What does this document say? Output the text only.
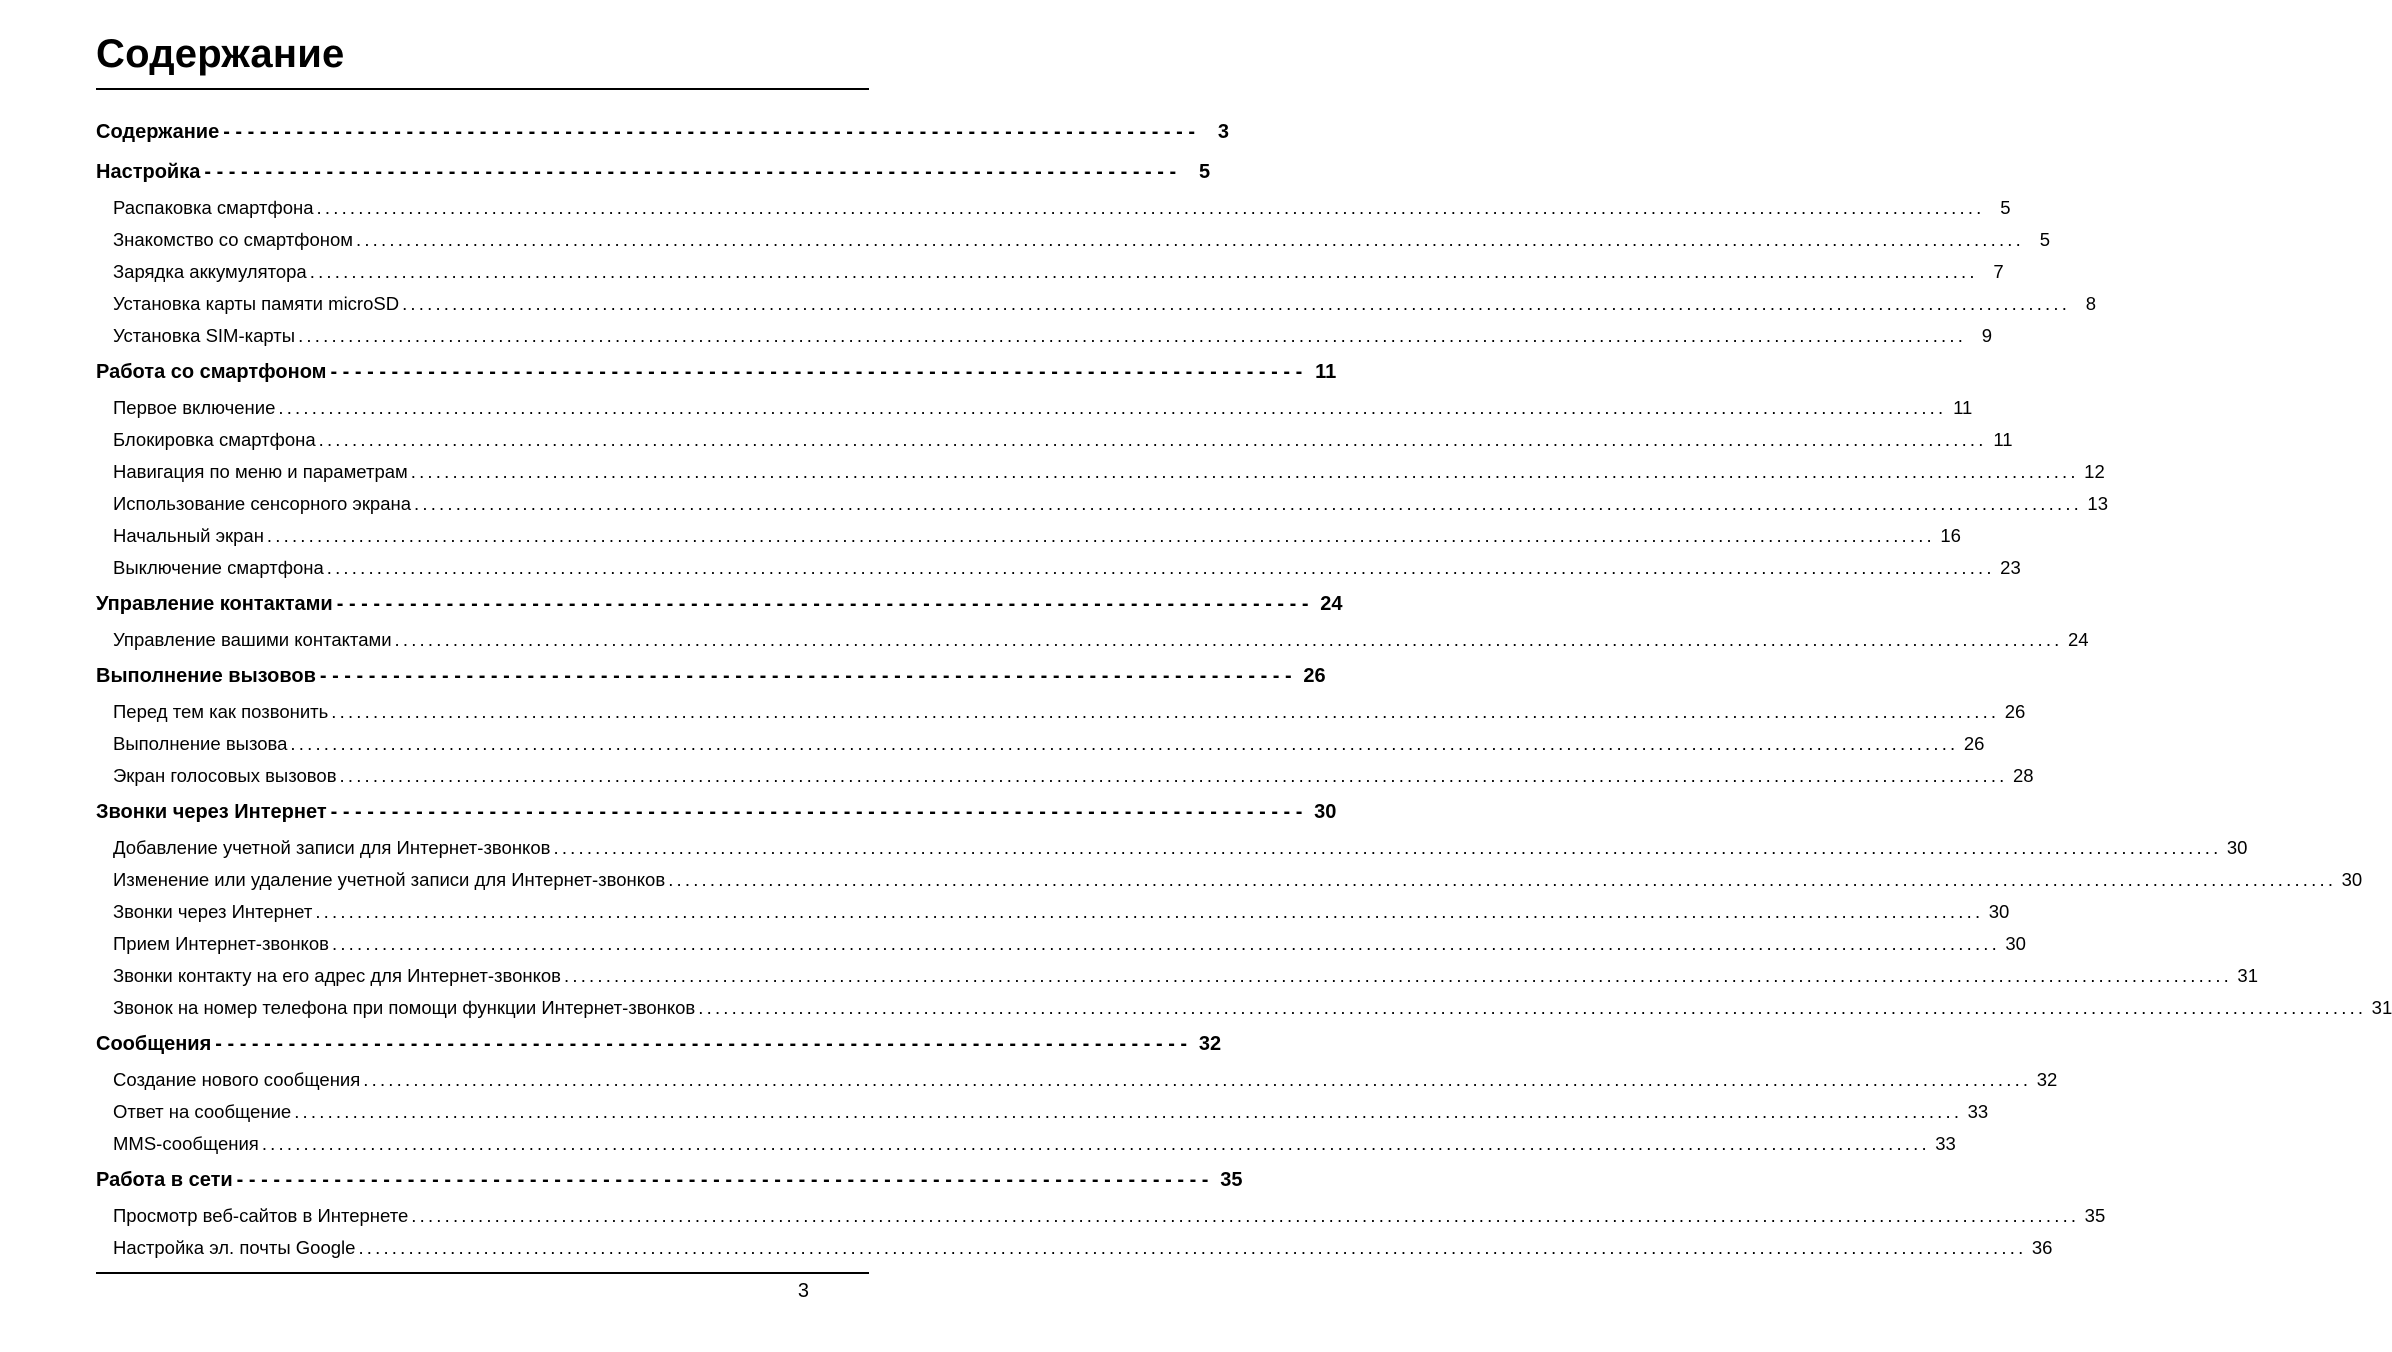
Содержание
Содержание - - - - - - - - - - - - - - - - - - - - - - - - - - - - - - - - - - - - - - - - - - - - - - - - - - - - - - - - - - - - - - - - - - - - - - - - - - - - - - - -	3
Настройка - - - - - - - - - - - - - - - - - - - - - - - - - - - - - - - - - - - - - - - - - - - - - - - - - - - - - - - - - - - - - - - - - - - - - - - - - - - - - - - -	5
Распаковка смартфона ........................................................................................................................................................................................................ 5
Знакомство со смартфоном ........................................................................................................................................................................................................ 5
Зарядка аккумулятора ........................................................................................................................................................................................................ 7
Установка карты памяти microSD ........................................................................................................................................................................................................ 8
Установка SIM-карты ........................................................................................................................................................................................................ 9
Работа со смартфоном - - - - - - - - - - - - - - - - - - - - - - - - - - - - - - - - - - - - - - - - - - - - - - - - - - - - - - - - - - - - - - - - - - - - - - - - - - - - - - - - 11
Первое включение ........................................................................................................................................................................................................ 11
Блокировка смартфона ........................................................................................................................................................................................................ 11
Навигация по меню и параметрам ........................................................................................................................................................................................................ 12
Использование сенсорного экрана ........................................................................................................................................................................................................ 13
Начальный экран ........................................................................................................................................................................................................ 16
Выключение смартфона ........................................................................................................................................................................................................ 23
Управление контактами - - - - - - - - - - - - - - - - - - - - - - - - - - - - - - - - - - - - - - - - - - - - - - - - - - - - - - - - - - - - - - - - - - - - - - - - - - - - - - - - 24
Управление вашими контактами ........................................................................................................................................................................................................ 24
Выполнение вызовов - - - - - - - - - - - - - - - - - - - - - - - - - - - - - - - - - - - - - - - - - - - - - - - - - - - - - - - - - - - - - - - - - - - - - - - - - - - - - - - - 26
Перед тем как позвонить ........................................................................................................................................................................................................ 26
Выполнение вызова ........................................................................................................................................................................................................ 26
Экран голосовых вызовов ........................................................................................................................................................................................................ 28
Звонки через Интернет - - - - - - - - - - - - - - - - - - - - - - - - - - - - - - - - - - - - - - - - - - - - - - - - - - - - - - - - - - - - - - - - - - - - - - - - - - - - - - - - 30
Добавление учетной записи для Интернет-звонков ........................................................................................................................................................................................................ 30
Изменение или удаление учетной записи для Интернет-звонков ........................................................................................................................................................................................................ 30
Звонки через Интернет ........................................................................................................................................................................................................ 30
Прием Интернет-звонков ........................................................................................................................................................................................................ 30
Звонки контакту на его адрес для Интернет-звонков ........................................................................................................................................................................................................ 31
Звонок на номер телефона при помощи функции Интернет-звонков ........................................................................................................................................................................................................ 31
Сообщения - - - - - - - - - - - - - - - - - - - - - - - - - - - - - - - - - - - - - - - - - - - - - - - - - - - - - - - - - - - - - - - - - - - - - - - - - - - - - - - - 32
Создание нового сообщения ........................................................................................................................................................................................................ 32
Ответ на сообщение ........................................................................................................................................................................................................ 33
MMS-сообщения ........................................................................................................................................................................................................ 33
Работа в сети - - - - - - - - - - - - - - - - - - - - - - - - - - - - - - - - - - - - - - - - - - - - - - - - - - - - - - - - - - - - - - - - - - - - - - - - - - - - - - - - 35
Просмотр веб-сайтов в Интернете ........................................................................................................................................................................................................ 35
Настройка эл. почты Google ........................................................................................................................................................................................................ 36
3
